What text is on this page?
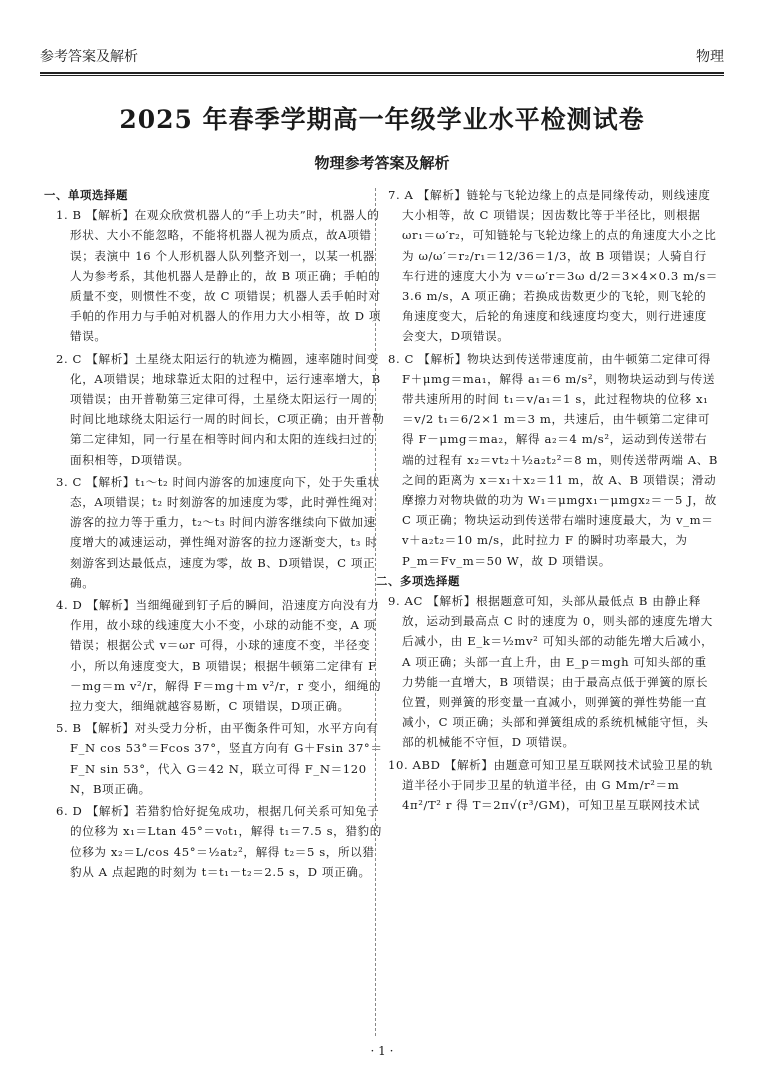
参考答案及解析	物理
2025 年春季学期高一年级学业水平检测试卷
物理参考答案及解析
一、单项选择题

1. B 【解析】在观众欣赏机器人的“手上功夫”时，机器人的形状、大小不能忽略，不能将机器人视为质点，故A项错误；表演中 16 个人形机器人队列整齐划一，以某一机器人为参考系，其他机器人是静止的，故 B 项正确；手帕的质量不变，则惯性不变，故 C 项错误；机器人丢手帕时对手帕的作用力与手帕对机器人的作用力大小相等，故 D 项错误。

2. C 【解析】土星绕太阳运行的轨迹为椭圆，速率随时间变化，A项错误；地球靠近太阳的过程中，运行速率增大，B项错误；由开普勒第三定律可得，土星绕太阳运行一周的时间比地球绕太阳运行一周的时间长，C项正确；由开普勒第二定律知，同一行星在相等时间内和太阳的连线扫过的面积相等，D项错误。

3. C 【解析】t₁～t₂ 时间内游客的加速度向下，处于失重状态，A项错误；t₂ 时刻游客的加速度为零，此时弹性绳对游客的拉力等于重力，t₂～t₃ 时间内游客继续向下做加速度增大的减速运动，弹性绳对游客的拉力逐渐变大，t₃ 时刻游客到达最低点，速度为零，故 B、D项错误，C 项正确。

4. D 【解析】当细绳碰到钉子后的瞬间，沿速度方向没有力作用，故小球的线速度大小不变，小球的动能不变，A 项错误；根据公式 v＝ωr 可得，小球的速度不变，半径变小，所以角速度变大，B 项错误；根据牛顿第二定律有 F－mg＝m v²/r，解得 F＝mg＋m v²/r，r 变小，细绳的拉力变大，细绳就越容易断，C 项错误，D项正确。

5. B 【解析】对头受力分析，由平衡条件可知，水平方向有 F_N cos 53°＝Fcos 37°，竖直方向有 G＋Fsin 37°＝F_N sin 53°，代入 G＝42 N，联立可得 F_N＝120 N，B项正确。

6. D 【解析】若猎豹恰好捉兔成功，根据几何关系可知兔子的位移为 x₁＝Ltan 45°＝v₀t₁，解得 t₁＝7.5 s，猎豹的位移为 x₂＝L/cos 45°＝½at₂²，解得 t₂＝5 s，所以猎豹从 A 点起跑的时刻为 t＝t₁－t₂＝2.5 s，D 项正确。

7. A 【解析】链轮与飞轮边缘上的点是同缘传动，则线速度大小相等，故 C 项错误；因齿数比等于半径比，则根据 ωr₁＝ω′r₂，可知链轮与飞轮边缘上的点的角速度大小之比为 ω/ω′＝r₂/r₁＝12/36＝1/3，故 B 项错误；人骑自行车行进的速度大小为 v＝ω′r＝3ω d/2＝3×4×0.3 m/s＝3.6 m/s，A 项正确；若换成齿数更少的飞轮，则飞轮的角速度变大，后轮的角速度和线速度均变大，则行进速度会变大，D项错误。

8. C 【解析】物块达到传送带速度前，由牛顿第二定律可得 F＋μmg＝ma₁，解得 a₁＝6 m/s²，则物块运动到与传送带共速所用的时间 t₁＝v/a₁＝1 s，此过程物块的位移 x₁＝v/2 t₁＝6/2×1 m＝3 m，共速后，由牛顿第二定律可得 F－μmg＝ma₂，解得 a₂＝4 m/s²，运动到传送带右端的过程有 x₂＝vt₂＋½a₂t₂²＝8 m，则传送带两端 A、B 之间的距离为 x＝x₁＋x₂＝11 m，故 A、B 项错误；滑动摩擦力对物块做的功为 W₁＝μmgx₁－μmgx₂＝－5 J，故 C 项正确；物块运动到传送带右端时速度最大，为 v_m＝v＋a₂t₂＝10 m/s，此时拉力 F 的瞬时功率最大，为 P_m＝Fv_m＝50 W，故 D 项错误。

二、多项选择题

9. AC 【解析】根据题意可知，头部从最低点 B 由静止释放，运动到最高点 C 时的速度为 0，则头部的速度先增大后减小，由 E_k＝½mv² 可知头部的动能先增大后减小，A 项正确；头部一直上升，由 E_p＝mgh 可知头部的重力势能一直增大，B 项错误；由于最高点低于弹簧的原长位置，则弹簧的形变量一直减小，则弹簧的弹性势能一直减小，C 项正确；头部和弹簧组成的系统机械能守恒，头部的机械能不守恒，D 项错误。

10. ABD 【解析】由题意可知卫星互联网技术试验卫星的轨道半径小于同步卫星的轨道半径，由 G Mm/r²＝m 4π²/T² r 得 T＝2π√(r³/GM)，可知卫星互联网技术试

· 1 ·
